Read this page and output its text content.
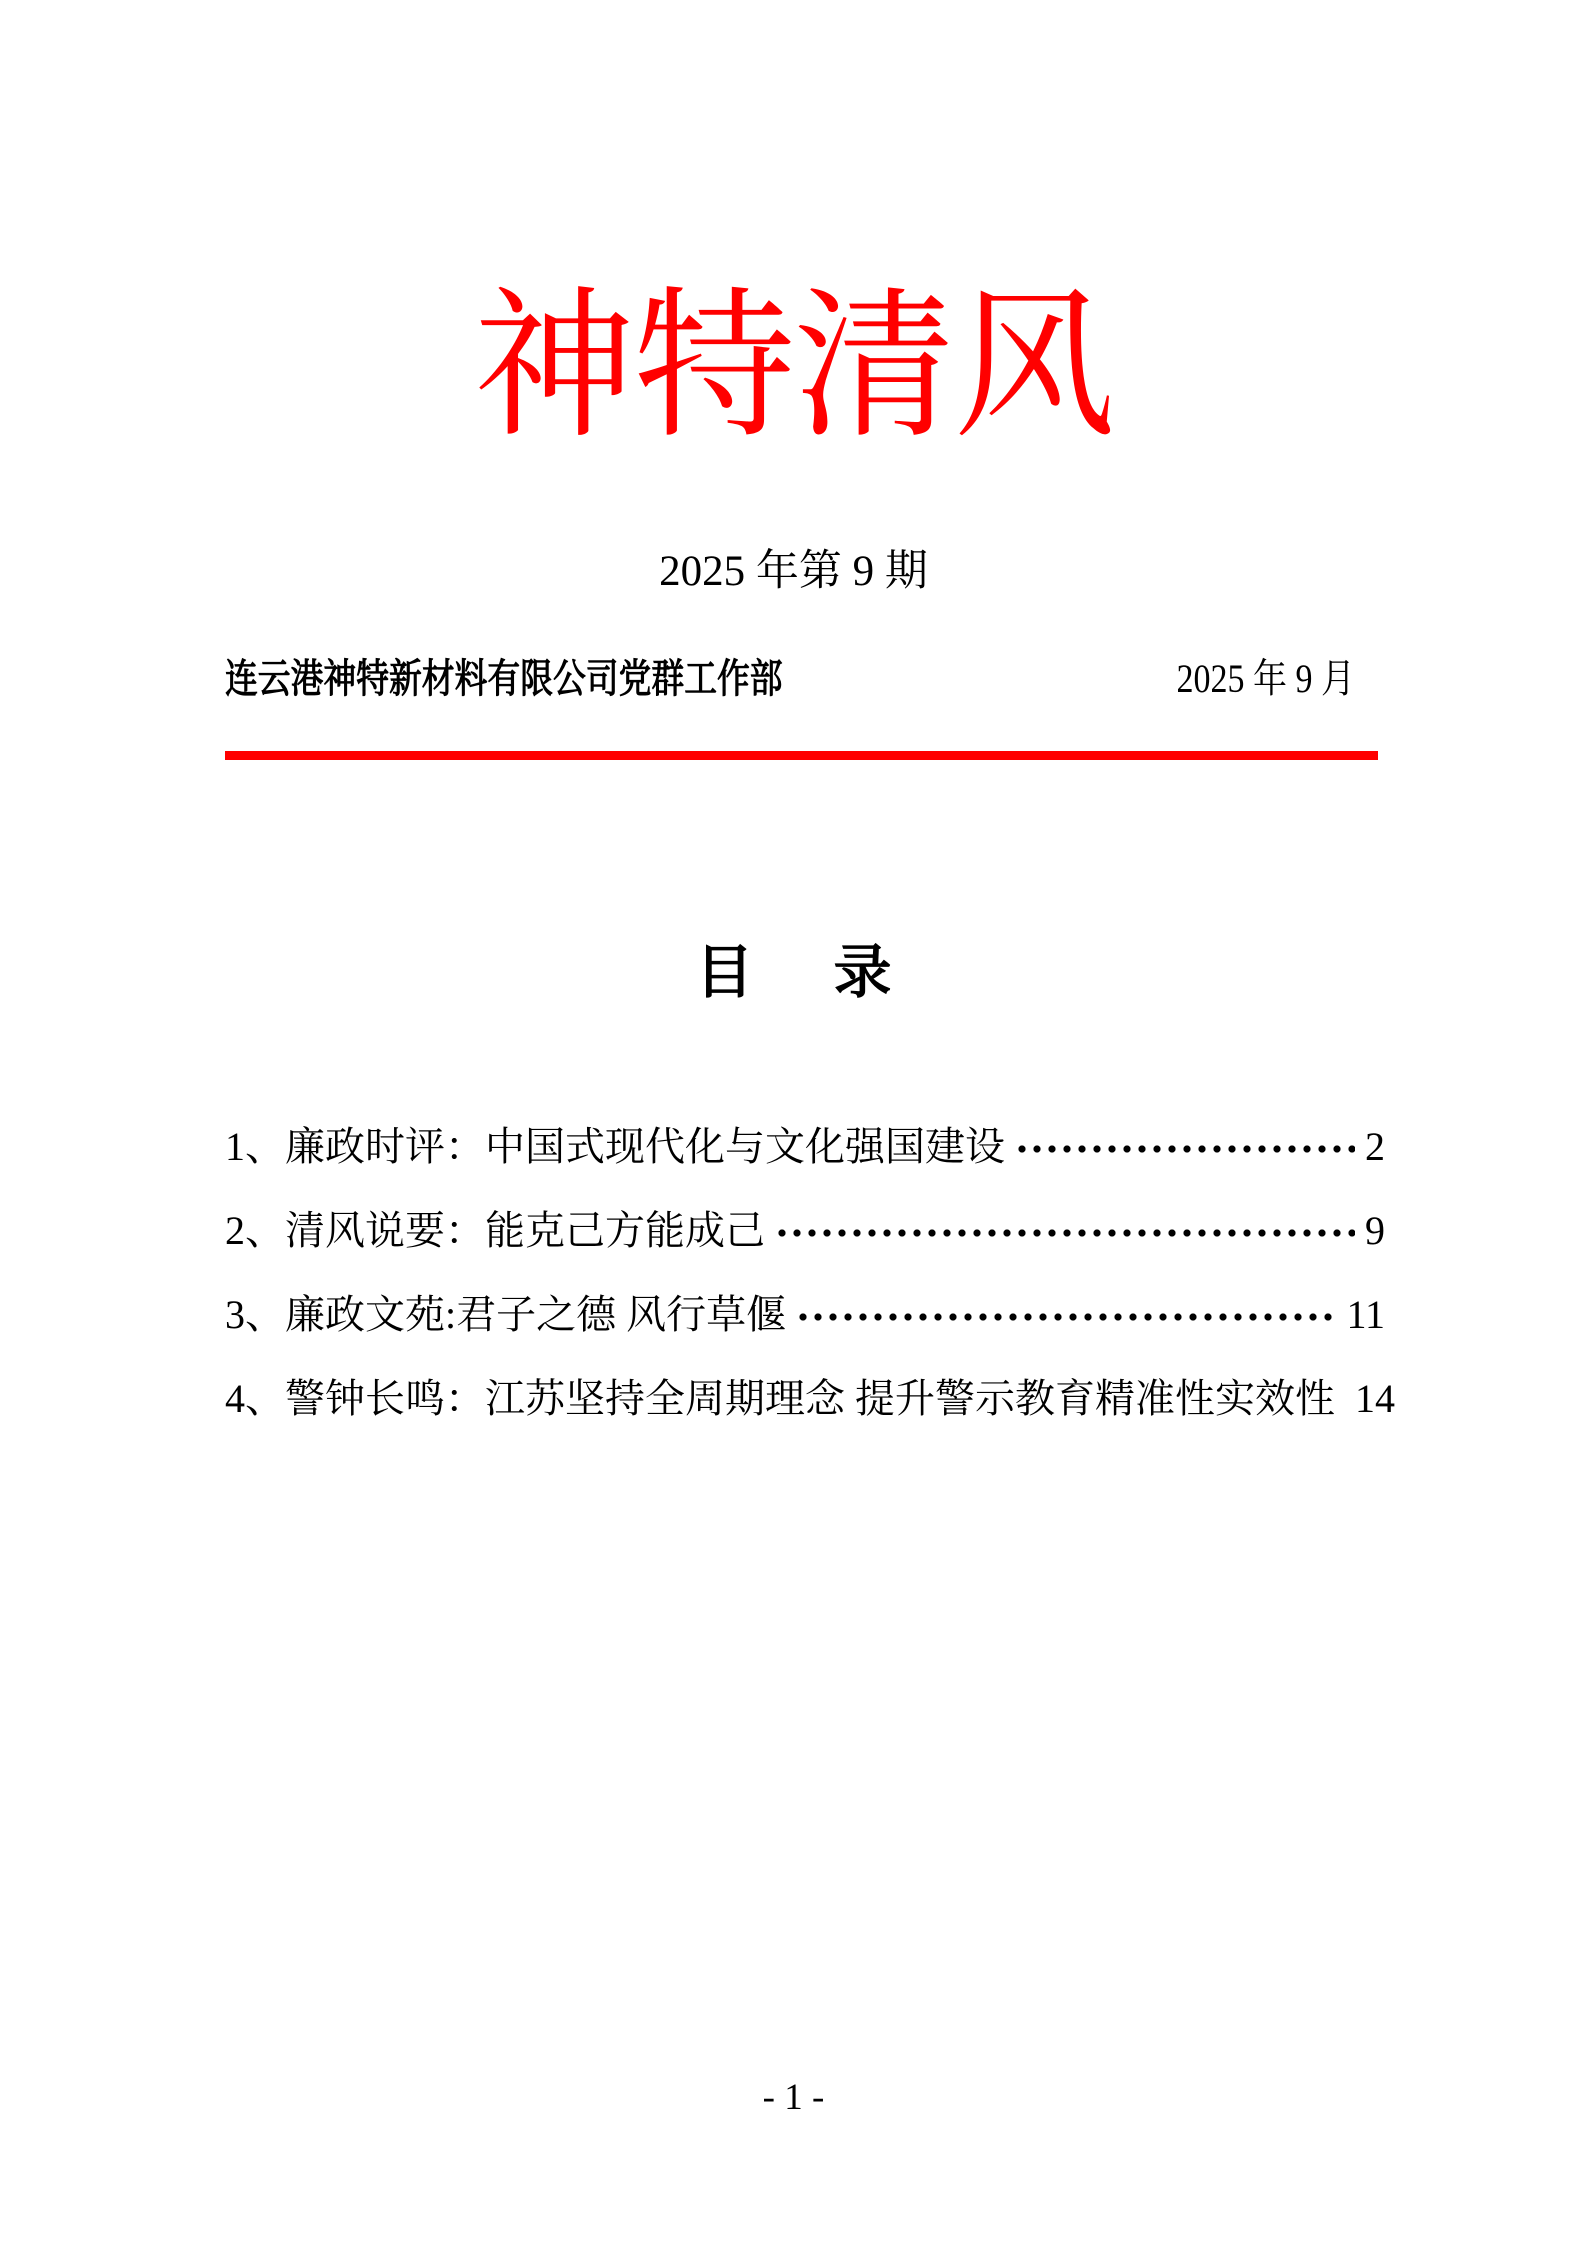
神特清风
2025 年第 9 期
连云港神特新材料有限公司党群工作部	2025 年 9 月
目 录
1、廉政时评：中国式现代化与文化强国建设	2
2、清风说要：能克己方能成己	9
3、廉政文苑:君子之德 风行草偃	11
4、警钟长鸣：江苏坚持全周期理念 提升警示教育精准性实效性 14
- 1 -
